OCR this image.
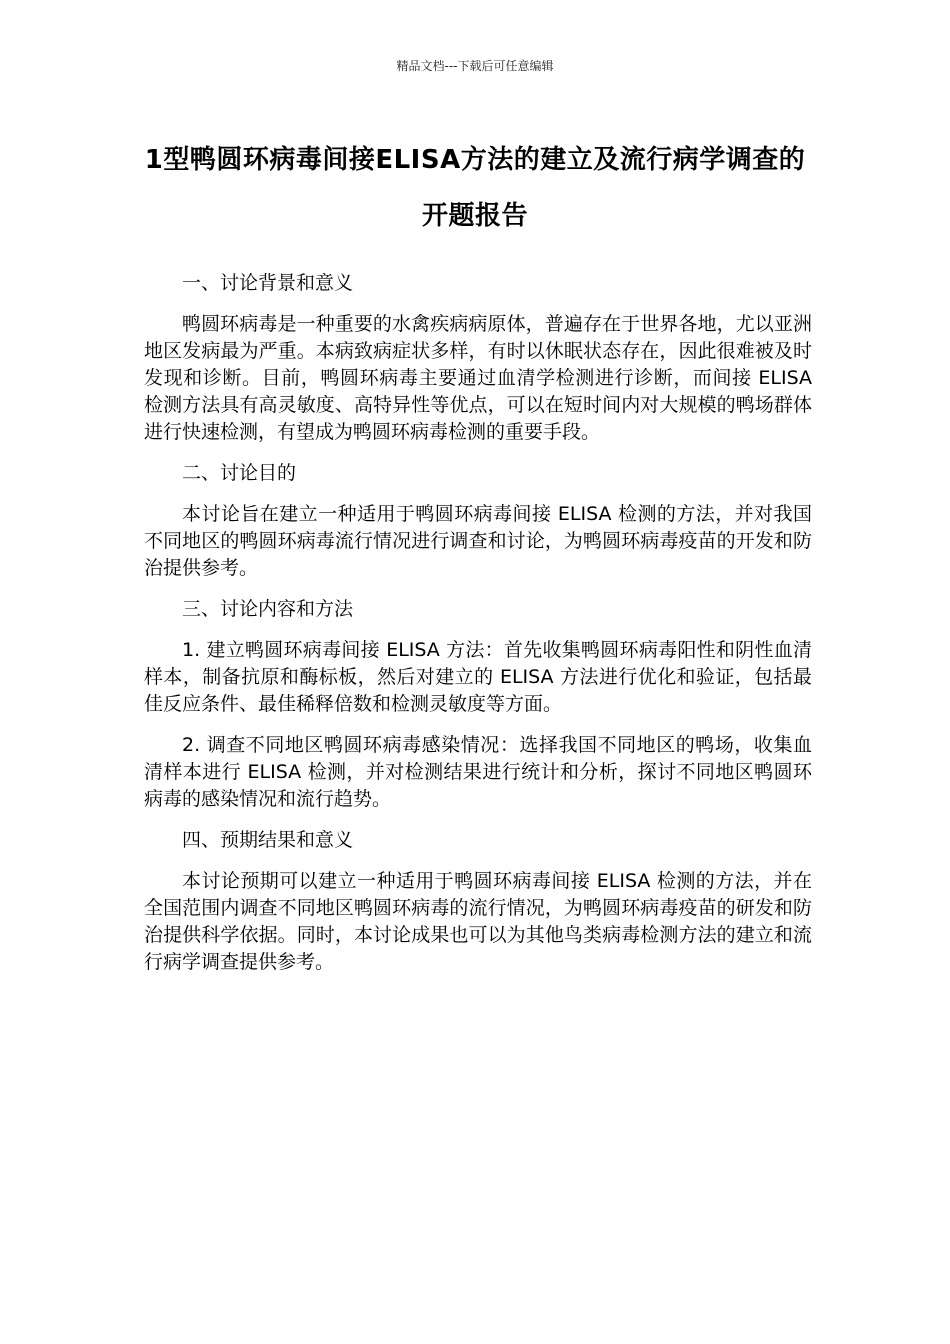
精品文档---下载后可任意编辑
1型鸭圆环病毒间接ELISA方法的建立及流行病学调查的开题报告
一、讨论背景和意义

鸭圆环病毒是一种重要的水禽疾病病原体，普遍存在于世界各地，尤以亚洲地区发病最为严重。本病致病症状多样，有时以休眠状态存在，因此很难被及时发现和诊断。目前，鸭圆环病毒主要通过血清学检测进行诊断，而间接 ELISA 检测方法具有高灵敏度、高特异性等优点，可以在短时间内对大规模的鸭场群体进行快速检测，有望成为鸭圆环病毒检测的重要手段。

二、讨论目的

本讨论旨在建立一种适用于鸭圆环病毒间接 ELISA 检测的方法，并对我国不同地区的鸭圆环病毒流行情况进行调查和讨论，为鸭圆环病毒疫苗的开发和防治提供参考。

三、讨论内容和方法

1. 建立鸭圆环病毒间接 ELISA 方法：首先收集鸭圆环病毒阳性和阴性血清样本，制备抗原和酶标板，然后对建立的 ELISA 方法进行优化和验证，包括最佳反应条件、最佳稀释倍数和检测灵敏度等方面。

2. 调查不同地区鸭圆环病毒感染情况：选择我国不同地区的鸭场，收集血清样本进行 ELISA 检测，并对检测结果进行统计和分析，探讨不同地区鸭圆环病毒的感染情况和流行趋势。

四、预期结果和意义

本讨论预期可以建立一种适用于鸭圆环病毒间接 ELISA 检测的方法，并在全国范围内调查不同地区鸭圆环病毒的流行情况，为鸭圆环病毒疫苗的研发和防治提供科学依据。同时，本讨论成果也可以为其他鸟类病毒检测方法的建立和流行病学调查提供参考。
